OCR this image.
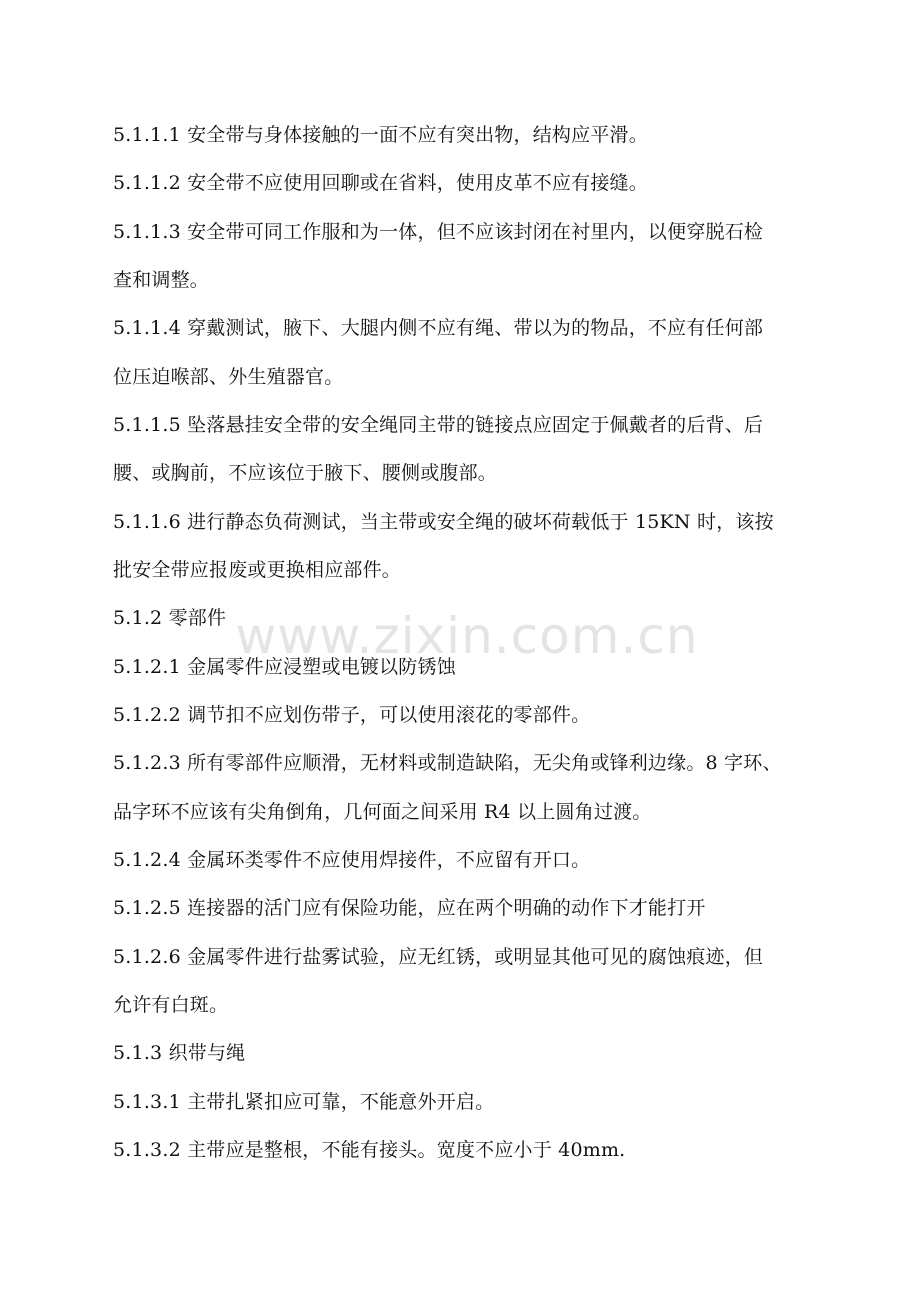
5.1.1.1 安全带与身体接触的一面不应有突出物，结构应平滑。
5.1.1.2 安全带不应使用回聊或在省料，使用皮革不应有接缝。
5.1.1.3 安全带可同工作服和为一体，但不应该封闭在衬里内，以便穿脱石检
查和调整。
5.1.1.4 穿戴测试，腋下、大腿内侧不应有绳、带以为的物品，不应有任何部
位压迫喉部、外生殖器官。
5.1.1.5 坠落悬挂安全带的安全绳同主带的链接点应固定于佩戴者的后背、后
腰、或胸前，不应该位于腋下、腰侧或腹部。
5.1.1.6 进行静态负荷测试，当主带或安全绳的破坏荷载低于 15KN 时，该按
批安全带应报废或更换相应部件。
5.1.2 零部件
5.1.2.1 金属零件应浸塑或电镀以防锈蚀
5.1.2.2 调节扣不应划伤带子，可以使用滚花的零部件。
5.1.2.3 所有零部件应顺滑，无材料或制造缺陷，无尖角或锋利边缘。8 字环、
品字环不应该有尖角倒角，几何面之间采用 R4 以上圆角过渡。
5.1.2.4 金属环类零件不应使用焊接件，不应留有开口。
5.1.2.5 连接器的活门应有保险功能，应在两个明确的动作下才能打开
5.1.2.6 金属零件进行盐雾试验，应无红锈，或明显其他可见的腐蚀痕迹，但
允许有白斑。
5.1.3 织带与绳
5.1.3.1 主带扎紧扣应可靠，不能意外开启。
5.1.3.2 主带应是整根，不能有接头。宽度不应小于 40mm.
www.zixin.com.cn
